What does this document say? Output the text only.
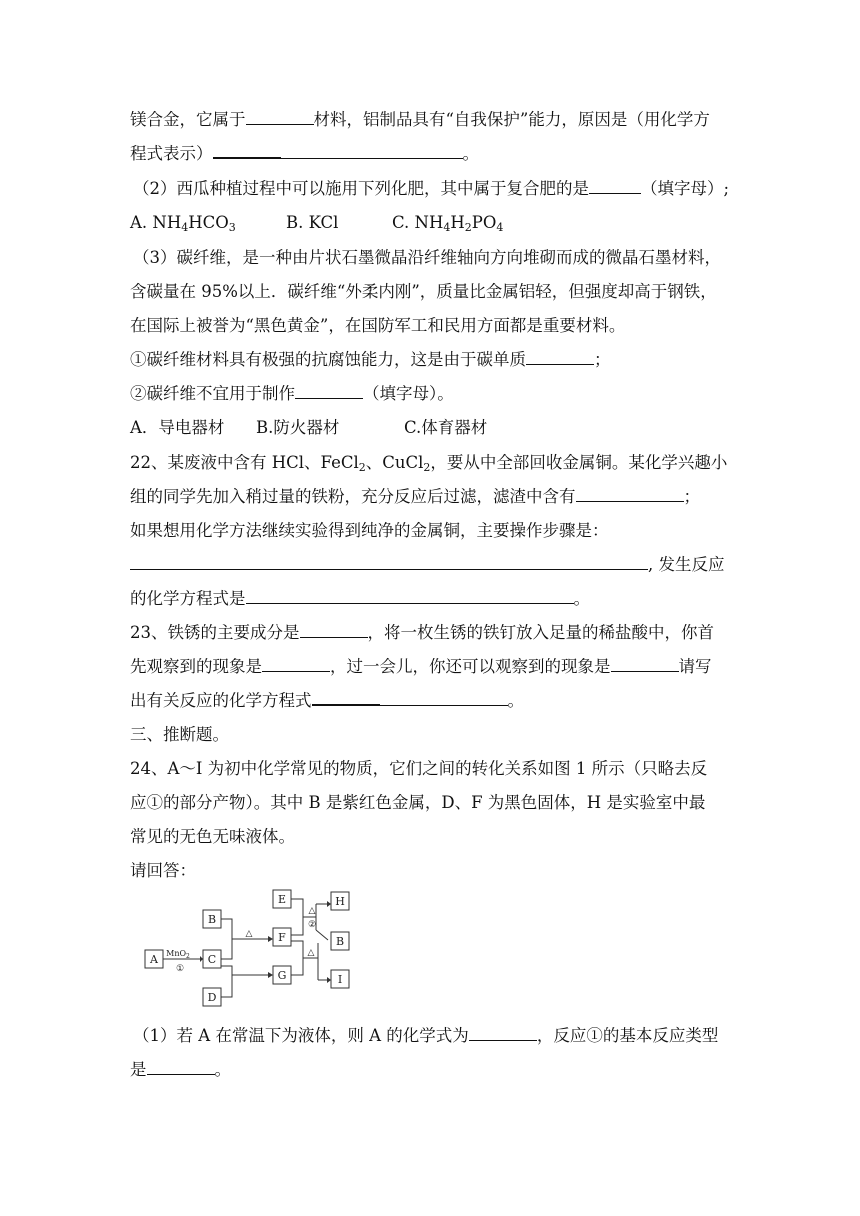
镁合金，它属于	材料，铝制品具有“自我保护”能力，原因是（用化学方
程式表示）	。
（2）西瓜种植过程中可以施用下列化肥，其中属于复合肥的是	（填字母）;
A. $NH_4HCO_3$	B. KCl	C. $NH_4H_2PO_4$
（3）碳纤维，是一种由片状石墨微晶沿纤维轴向方向堆砌而成的微晶石墨材料，
含碳量在 95%以上．碳纤维“外柔内刚”，质量比金属铝轻，但强度却高于钢铁，
在国际上被誉为“黑色黄金”，在国防军工和民用方面都是重要材料。
①碳纤维材料具有极强的抗腐蚀能力，这是由于碳单质	；
②碳纤维不宜用于制作	（填字母）。
A．导电器材 B.防火器材	C.体育器材
22、某废液中含有 HCl、FeCl$_2$、CuCl$_2$，要从中全部回收金属铜。某化学兴趣小
组的同学先加入稍过量的铁粉，充分反应后过滤，滤渣中含有	；
如果想用化学方法继续实验得到纯净的金属铜，主要操作步骤是：
, 发生反应
的化学方程式是	。
23、铁锈的主要成分是	，将一枚生锈的铁钉放入足量的稀盐酸中，你首
先观察到的现象是	，过一会儿，你还可以观察到的现象是	请写
出有关反应的化学方程式	。
三、推断题。
24、A～I 为初中化学常见的物质，它们之间的转化关系如图 1 所示（只略去反
应①的部分产物）。其中 B 是紫红色金属，D、F 为黑色固体，H 是实验室中最
常见的无色无味液体。
请回答：
A
B
C
D
E
F
G
H
B
I
MnO$_2$
①
△
△
②
△
（1）若 A 在常温下为液体，则 A 的化学式为	，反应①的基本反应类型
是	。
